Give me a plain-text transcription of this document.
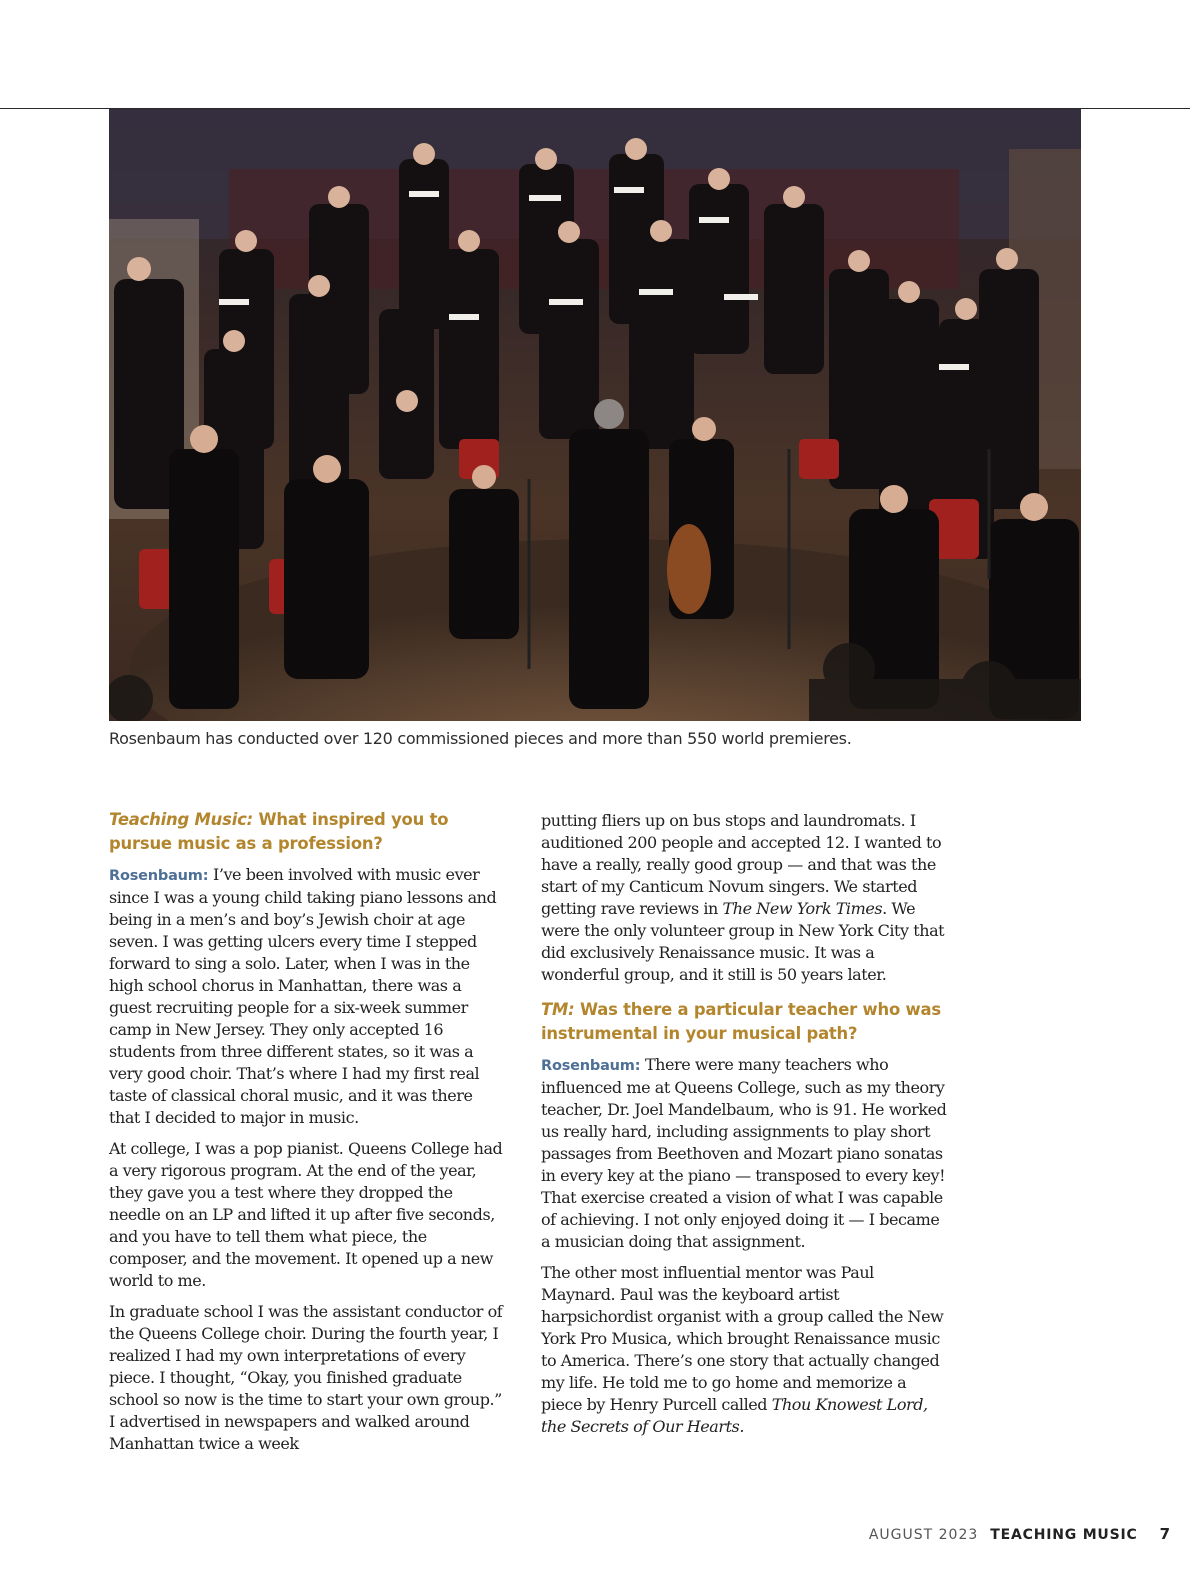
Rosenbaum has conducted over 120 commissioned pieces and more than 550 world premieres.
Teaching Music: What inspired you to pursue music as a profession?

Rosenbaum: I’ve been involved with music ever since I was a young child taking piano lessons and being in a men’s and boy’s Jewish choir at age seven. I was getting ulcers every time I stepped forward to sing a solo. Later, when I was in the high school chorus in Manhattan, there was a guest recruiting people for a six-week summer camp in New Jersey. They only accepted 16 students from three different states, so it was a very good choir. That’s where I had my first real taste of classical choral music, and it was there that I decided to major in music.

At college, I was a pop pianist. Queens College had a very rigorous program. At the end of the year, they gave you a test where they dropped the needle on an LP and lifted it up after five seconds, and you have to tell them what piece, the composer, and the movement. It opened up a new world to me.

In graduate school I was the assistant conductor of the Queens College choir. During the fourth year, I realized I had my own interpretations of every piece. I thought, “Okay, you finished graduate school so now is the time to start your own group.” I advertised in newspapers and walked around Manhattan twice a week

putting fliers up on bus stops and laundromats. I auditioned 200 people and accepted 12. I wanted to have a really, really good group — and that was the start of my Canticum Novum singers. We started getting rave reviews in The New York Times. We were the only volunteer group in New York City that did exclusively Renaissance music. It was a wonderful group, and it still is 50 years later.

TM: Was there a particular teacher who was instrumental in your musical path?

Rosenbaum: There were many teachers who influenced me at Queens College, such as my theory teacher, Dr. Joel Mandelbaum, who is 91. He worked us really hard, including assignments to play short passages from Beethoven and Mozart piano sonatas in every key at the piano — transposed to every key! That exercise created a vision of what I was capable of achieving. I not only enjoyed doing it — I became a musician doing that assignment.

The other most influential mentor was Paul Maynard. Paul was the keyboard artist harpsichordist organist with a group called the New York Pro Musica, which brought Renaissance music to America. There’s one story that actually changed my life. He told me to go home and memorize a piece by Henry Purcell called Thou Knowest Lord, the Secrets of Our Hearts.

AUGUST 2023 TEACHING MUSIC 7
